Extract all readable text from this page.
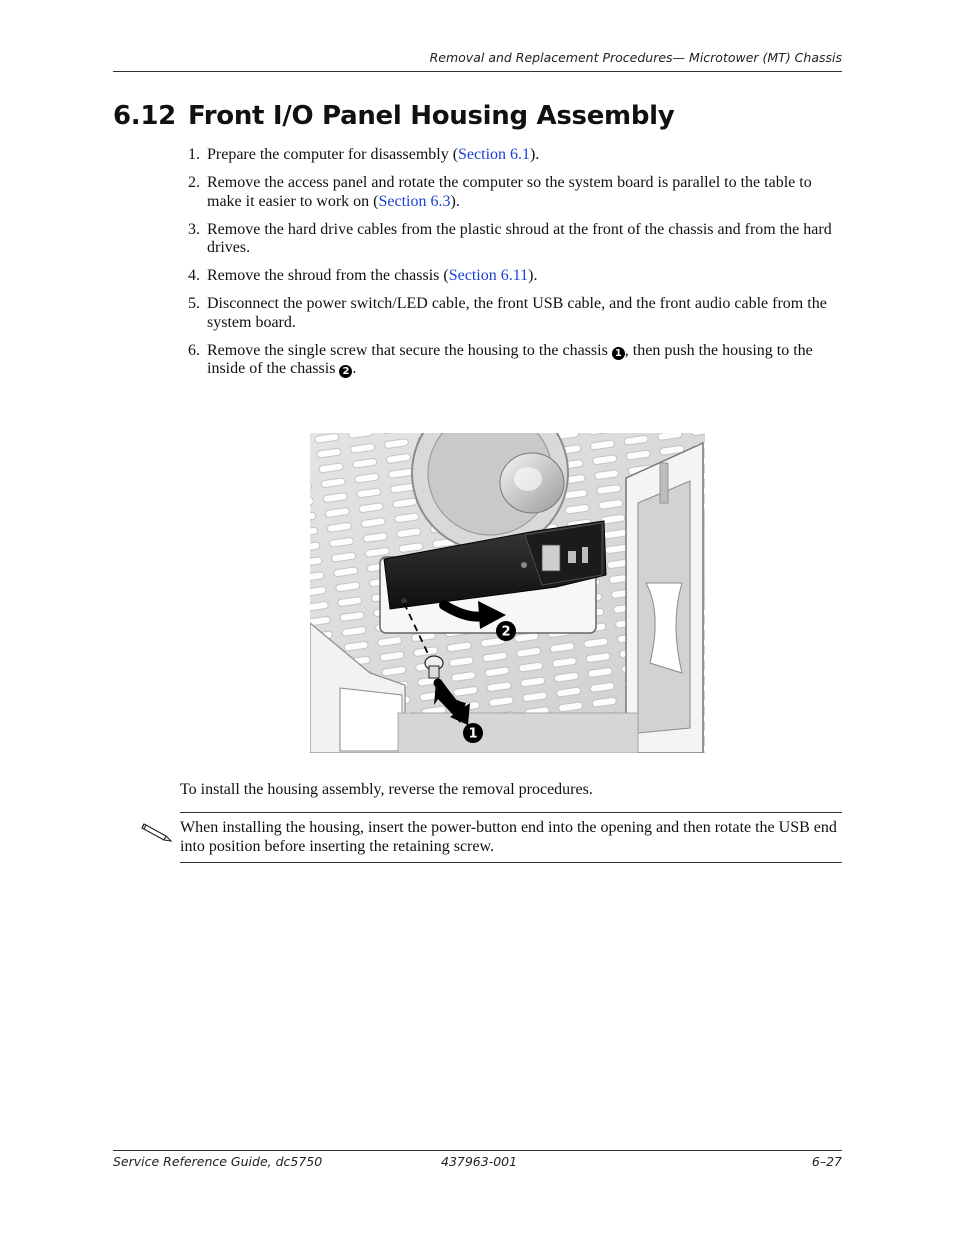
Removal and Replacement Procedures— Microtower (MT) Chassis
6.12 Front I/O Panel Housing Assembly
1. Prepare the computer for disassembly (Section 6.1).
2. Remove the access panel and rotate the computer so the system board is parallel to the table to make it easier to work on (Section 6.3).
3. Remove the hard drive cables from the plastic shroud at the front of the chassis and from the hard drives.
4. Remove the shroud from the chassis (Section 6.11).
5. Disconnect the power switch/LED cable, the front USB cable, and the front audio cable from the system board.
6. Remove the single screw that secure the housing to the chassis 1 , then push the housing to the inside of the chassis 2 .
2
1

To install the housing assembly, reverse the removal procedures.

When installing the housing, insert the power-button end into the opening and then rotate the USB end into position before inserting the retaining screw.

Service Reference Guide, dc5750	437963-001	6–27
